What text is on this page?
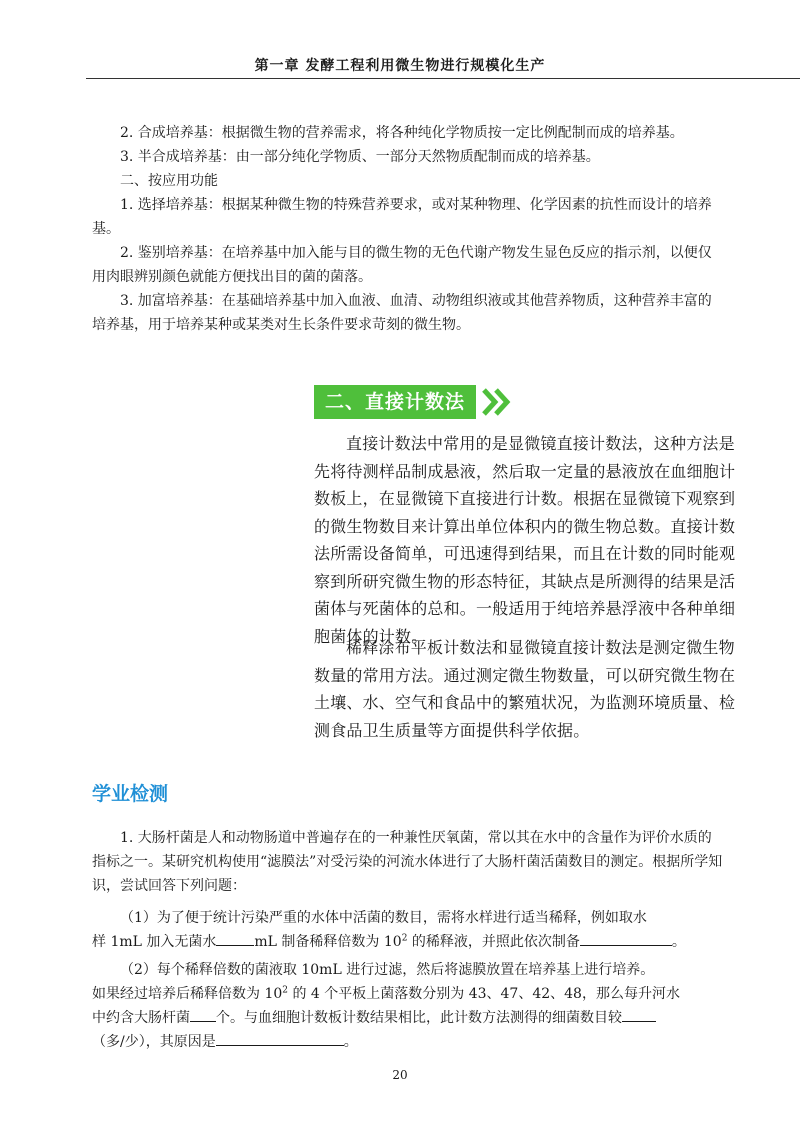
第一章 发酵工程利用微生物进行规模化生产

2. 合成培养基：根据微生物的营养需求，将各种纯化学物质按一定比例配制而成的培养基。

3. 半合成培养基：由一部分纯化学物质、一部分天然物质配制而成的培养基。

二、按应用功能

1. 选择培养基：根据某种微生物的特殊营养要求，或对某种物理、化学因素的抗性而设计的培养基。

2. 鉴别培养基：在培养基中加入能与目的微生物的无色代谢产物发生显色反应的指示剂，以便仅用肉眼辨别颜色就能方便找出目的菌的菌落。

3. 加富培养基：在基础培养基中加入血液、血清、动物组织液或其他营养物质，这种营养丰富的培养基，用于培养某种或某类对生长条件要求苛刻的微生物。

二、直接计数法

直接计数法中常用的是显微镜直接计数法，这种方法是先将待测样品制成悬液，然后取一定量的悬液放在血细胞计数板上，在显微镜下直接进行计数。根据在显微镜下观察到的微生物数目来计算出单位体积内的微生物总数。直接计数法所需设备简单，可迅速得到结果，而且在计数的同时能观察到所研究微生物的形态特征，其缺点是所测得的结果是活菌体与死菌体的总和。一般适用于纯培养悬浮液中各种单细胞菌体的计数。

稀释涂布平板计数法和显微镜直接计数法是测定微生物数量的常用方法。通过测定微生物数量，可以研究微生物在土壤、水、空气和食品中的繁殖状况，为监测环境质量、检测食品卫生质量等方面提供科学依据。

学业检测

1. 大肠杆菌是人和动物肠道中普遍存在的一种兼性厌氧菌，常以其在水中的含量作为评价水质的指标之一。某研究机构使用“滤膜法”对受污染的河流水体进行了大肠杆菌活菌数目的测定。根据所学知识，尝试回答下列问题：

（1）为了便于统计污染严重的水体中活菌的数目，需将水样进行适当稀释，例如取水
样 1mL 加入无菌水	mL 制备稀释倍数为 $10^2$ 的稀释液，并照此依次制备	。
（2）每个稀释倍数的菌液取 10mL 进行过滤，然后将滤膜放置在培养基上进行培养。
如果经过培养后稀释倍数为 $10^2$ 的 4 个平板上菌落数分别为 43、47、42、48，那么每升河水
中约含大肠杆菌 个。与血细胞计数板计数结果相比，此计数方法测得的细菌数目较
（多/少），其原因是	。
20
